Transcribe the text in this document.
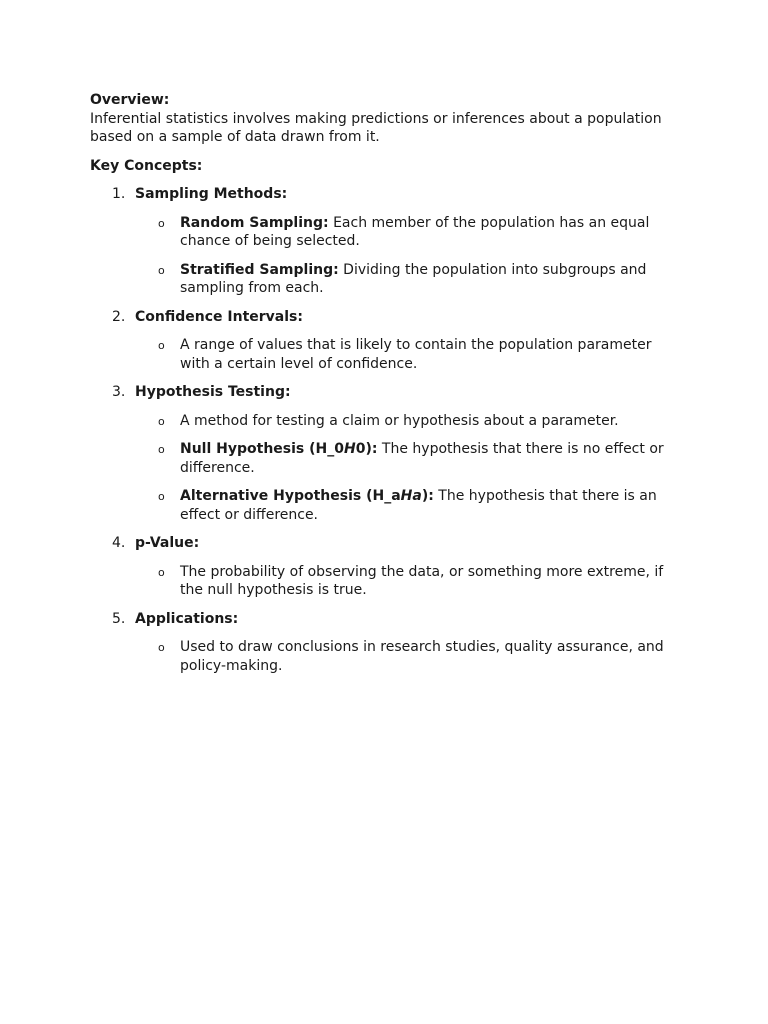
Overview:

Inferential statistics involves making predictions or inferences about a population based on a sample of data drawn from it.

Key Concepts:

1. Sampling Methods:
o Random Sampling: Each member of the population has an equal chance of being selected.
o Stratified Sampling: Dividing the population into subgroups and sampling from each.
2. Confidence Intervals:
o A range of values that is likely to contain the population parameter with a certain level of confidence.
3. Hypothesis Testing:
o A method for testing a claim or hypothesis about a parameter.
o Null Hypothesis (H_0H0): The hypothesis that there is no effect or difference.
o Alternative Hypothesis (H_aHa): The hypothesis that there is an effect or difference.
4. p-Value:
o The probability of observing the data, or something more extreme, if the null hypothesis is true.
5. Applications:
o Used to draw conclusions in research studies, quality assurance, and policy-making.
